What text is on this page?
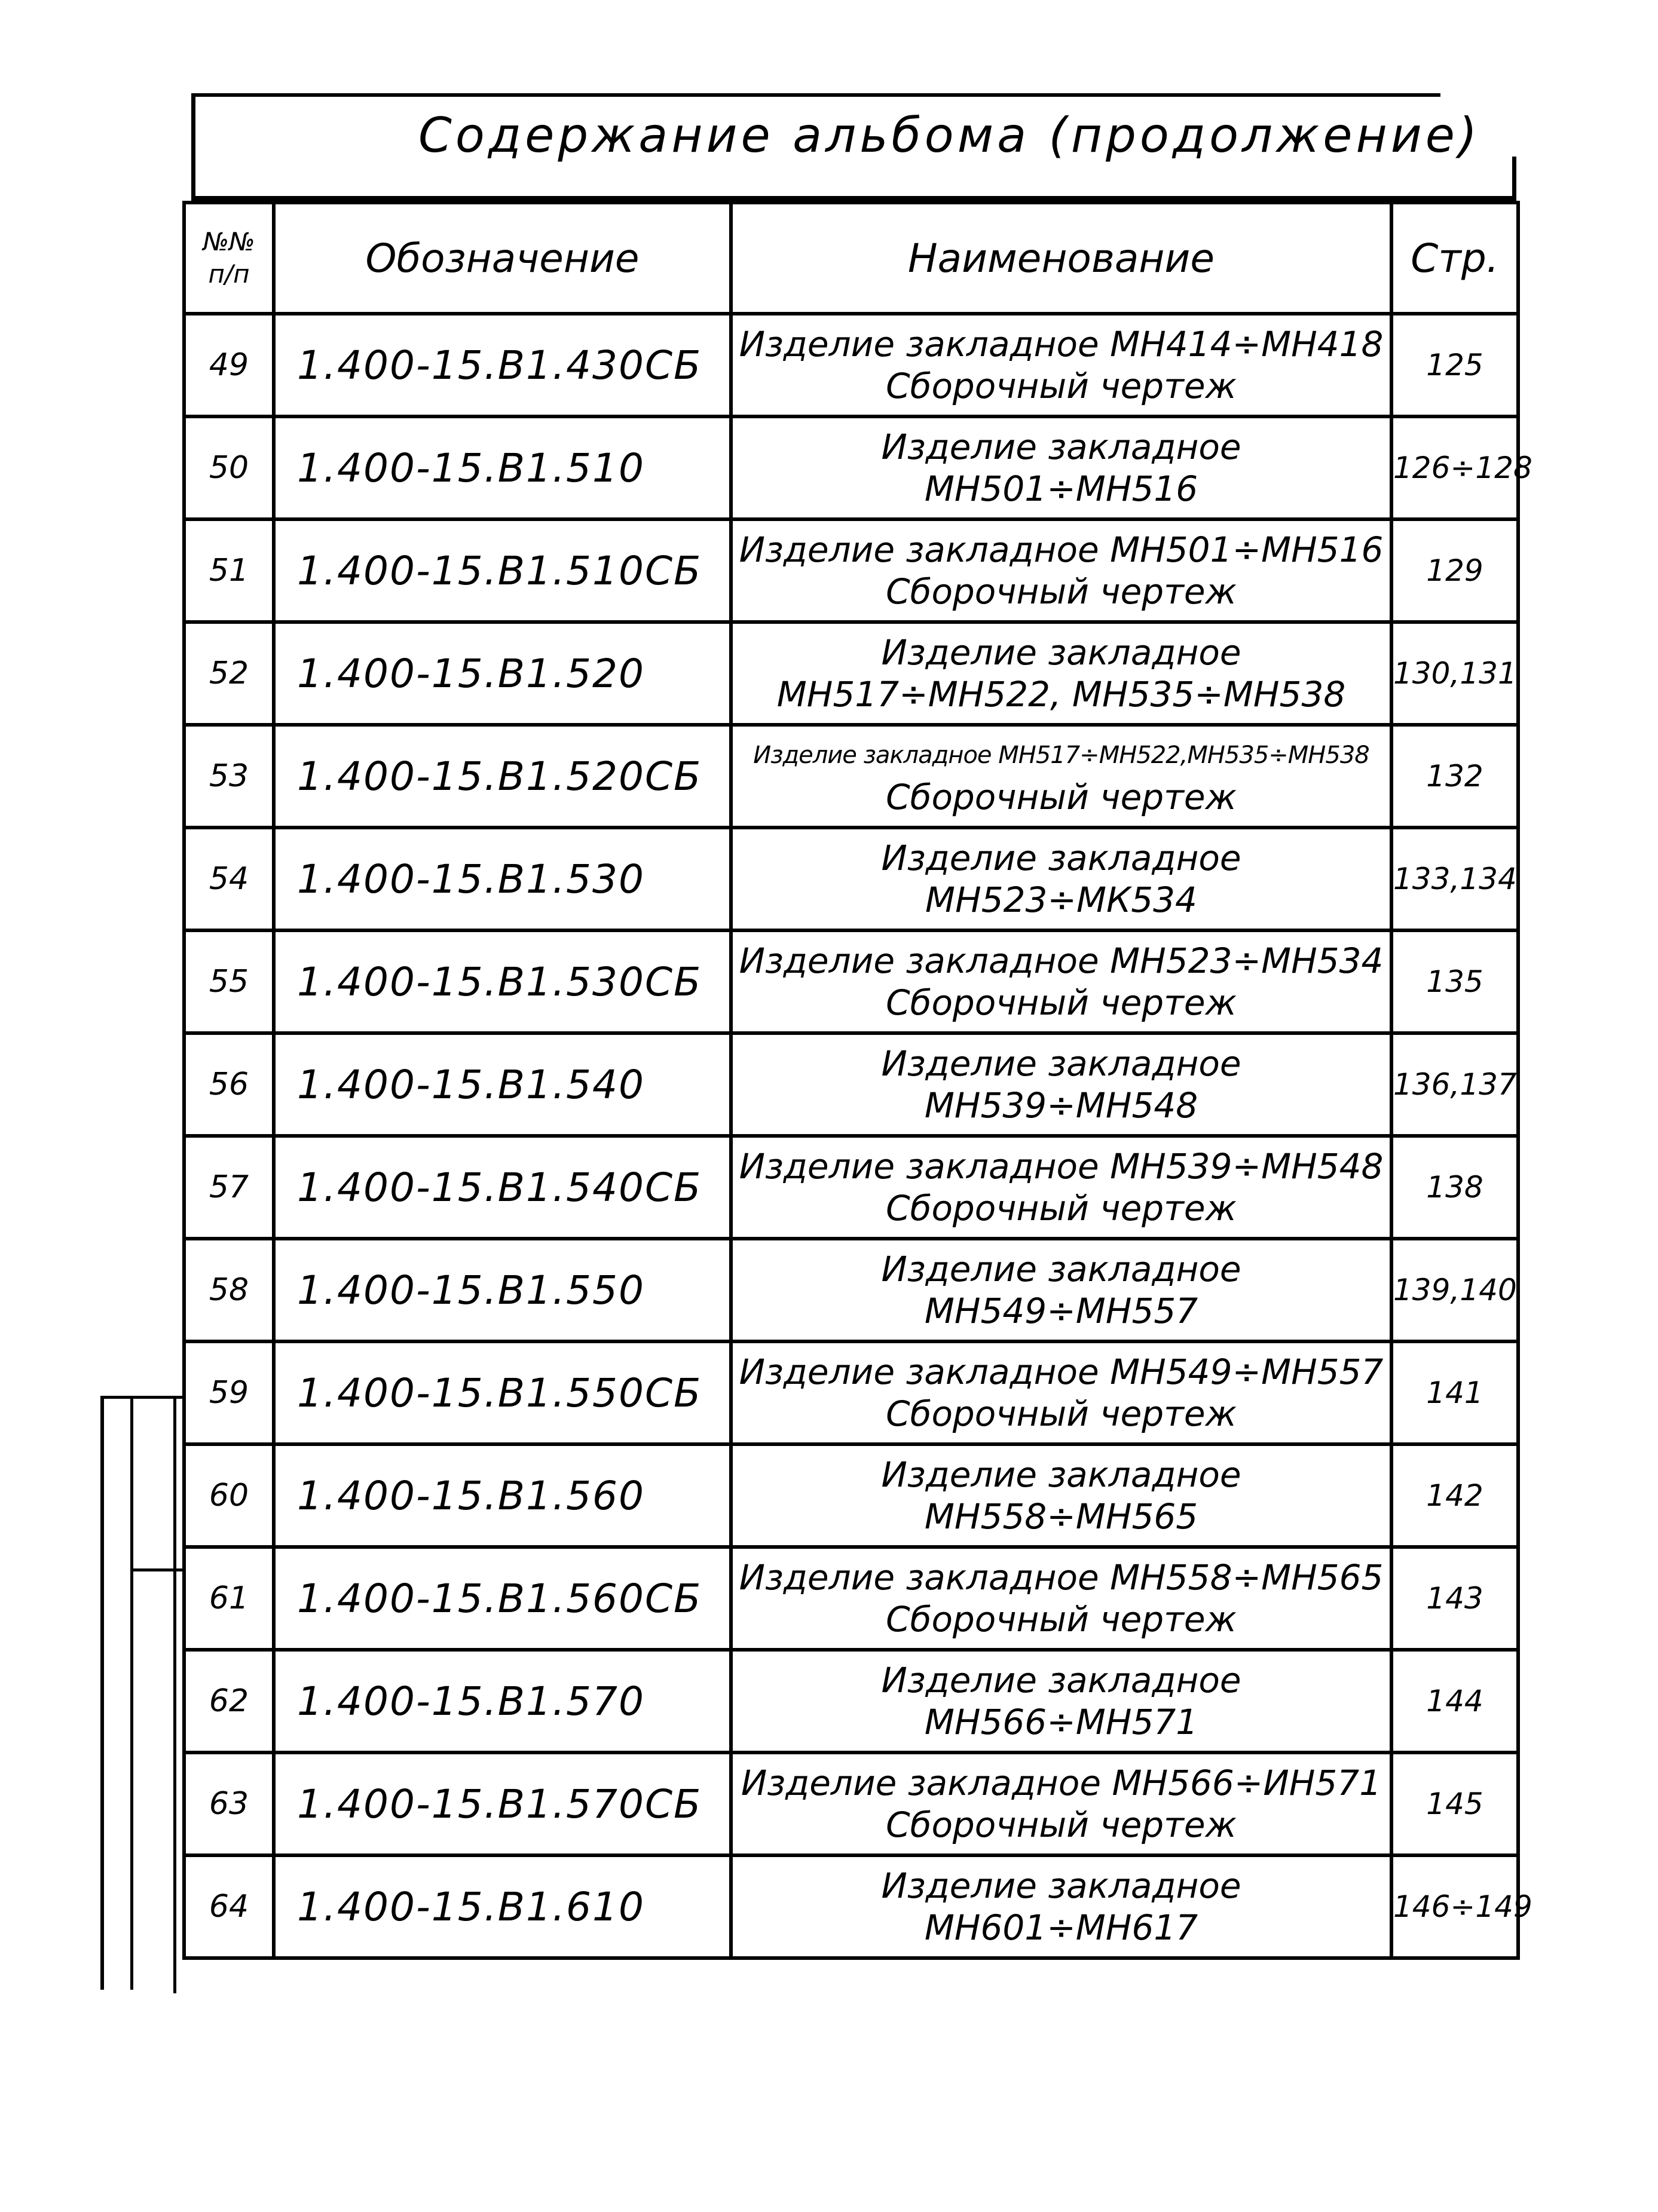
Содержание альбома (продолжение)
№№
п/п	Обозначение	Наименование	Стр.
49	1.400-15.В1.430СБ	Изделие закладное МН414÷МН418
Сборочный чертеж	125
50	1.400-15.В1.510	Изделие закладное
МН501÷МН516	126÷128
51	1.400-15.В1.510СБ	Изделие закладное МН501÷МН516
Сборочный чертеж	129
52	1.400-15.В1.520	Изделие закладное
МН517÷МН522, МН535÷МН538	130,131
53	1.400-15.В1.520СБ	Изделие закладное МН517÷МН522,МН535÷МН538
Сборочный чертеж	132
54	1.400-15.В1.530	Изделие закладное
МН523÷МК534	133,134
55	1.400-15.В1.530СБ	Изделие закладное МН523÷МН534
Сборочный чертеж	135
56	1.400-15.В1.540	Изделие закладное
МН539÷МН548	136,137
57	1.400-15.В1.540СБ	Изделие закладное МН539÷МН548
Сборочный чертеж	138
58	1.400-15.В1.550	Изделие закладное
МН549÷МН557	139,140
59	1.400-15.В1.550СБ	Изделие закладное МН549÷МН557
Сборочный чертеж	141
60	1.400-15.В1.560	Изделие закладное
МН558÷МН565	142
61	1.400-15.В1.560СБ	Изделие закладное МН558÷МН565
Сборочный чертеж	143
62	1.400-15.В1.570	Изделие закладное
МН566÷МН571	144
63	1.400-15.В1.570СБ	Изделие закладное МН566÷ИН571
Сборочный чертеж	145
64	1.400-15.В1.610	Изделие закладное
МН601÷МН617	146÷149
